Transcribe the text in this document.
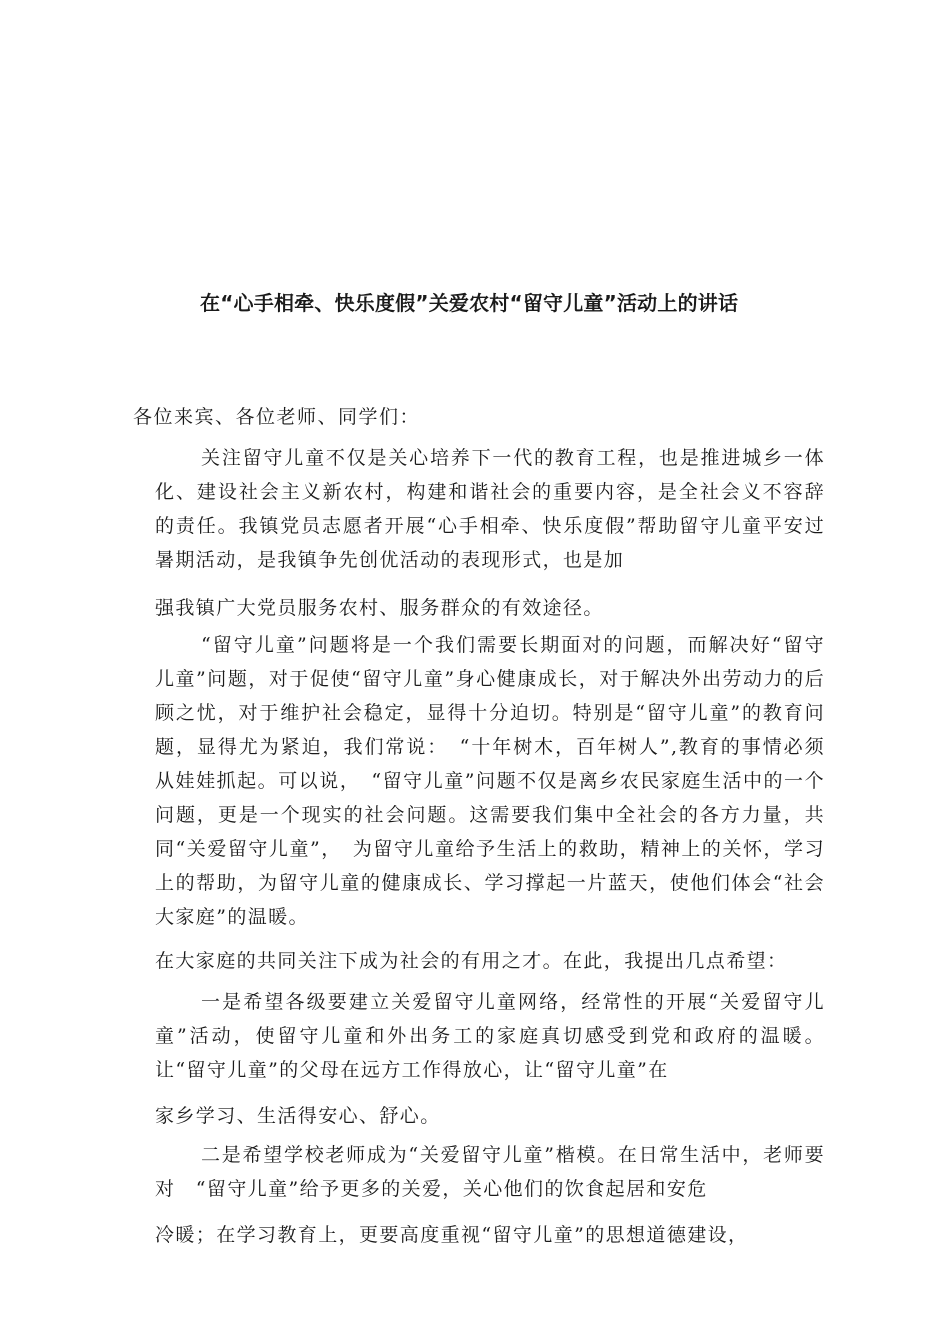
在“心手相牵、快乐度假”关爱农村“留守儿童”活动上的讲话
各位来宾、各位老师、同学们：

关注留守儿童不仅是关心培养下一代的教育工程，也是推进城乡一体化、建设社会主义新农村，构建和谐社会的重要内容，是全社会义不容辞的责任。我镇党员志愿者开展“心手相牵、快乐度假”帮助留守儿童平安过暑期活动，是我镇争先创优活动的表现形式，也是加
强我镇广大党员服务农村、服务群众的有效途径。

“留守儿童”问题将是一个我们需要长期面对的问题，而解决好“留守儿童”问题，对于促使“留守儿童”身心健康成长，对于解决外出劳动力的后顾之忧，对于维护社会稳定，显得十分迫切。特别是“留守儿童”的教育问题，显得尤为紧迫，我们常说：　“十年树木，百年树人”,教育的事情必须从娃娃抓起。可以说，　“留守儿童”问题不仅是离乡农民家庭生活中的一个问题，更是一个现实的社会问题。这需要我们集中全社会的各方力量，共同“关爱留守儿童”，　为留守儿童给予生活上的救助，精神上的关怀，学习上的帮助，为留守儿童的健康成长、学习撑起一片蓝天，使他们体会“社会大家庭”的温暖。
在大家庭的共同关注下成为社会的有用之才。在此，我提出几点希望：

一是希望各级要建立关爱留守儿童网络，经常性的开展“关爱留守儿童”活动，使留守儿童和外出务工的家庭真切感受到党和政府的温暖。让“留守儿童”的父母在远方工作得放心，让“留守儿童”在
家乡学习、生活得安心、舒心。

二是希望学校老师成为“关爱留守儿童”楷模。在日常生活中，老师要对　“留守儿童”给予更多的关爱，关心他们的饮食起居和安危
冷暖；在学习教育上，更要高度重视“留守儿童”的思想道德建设，
